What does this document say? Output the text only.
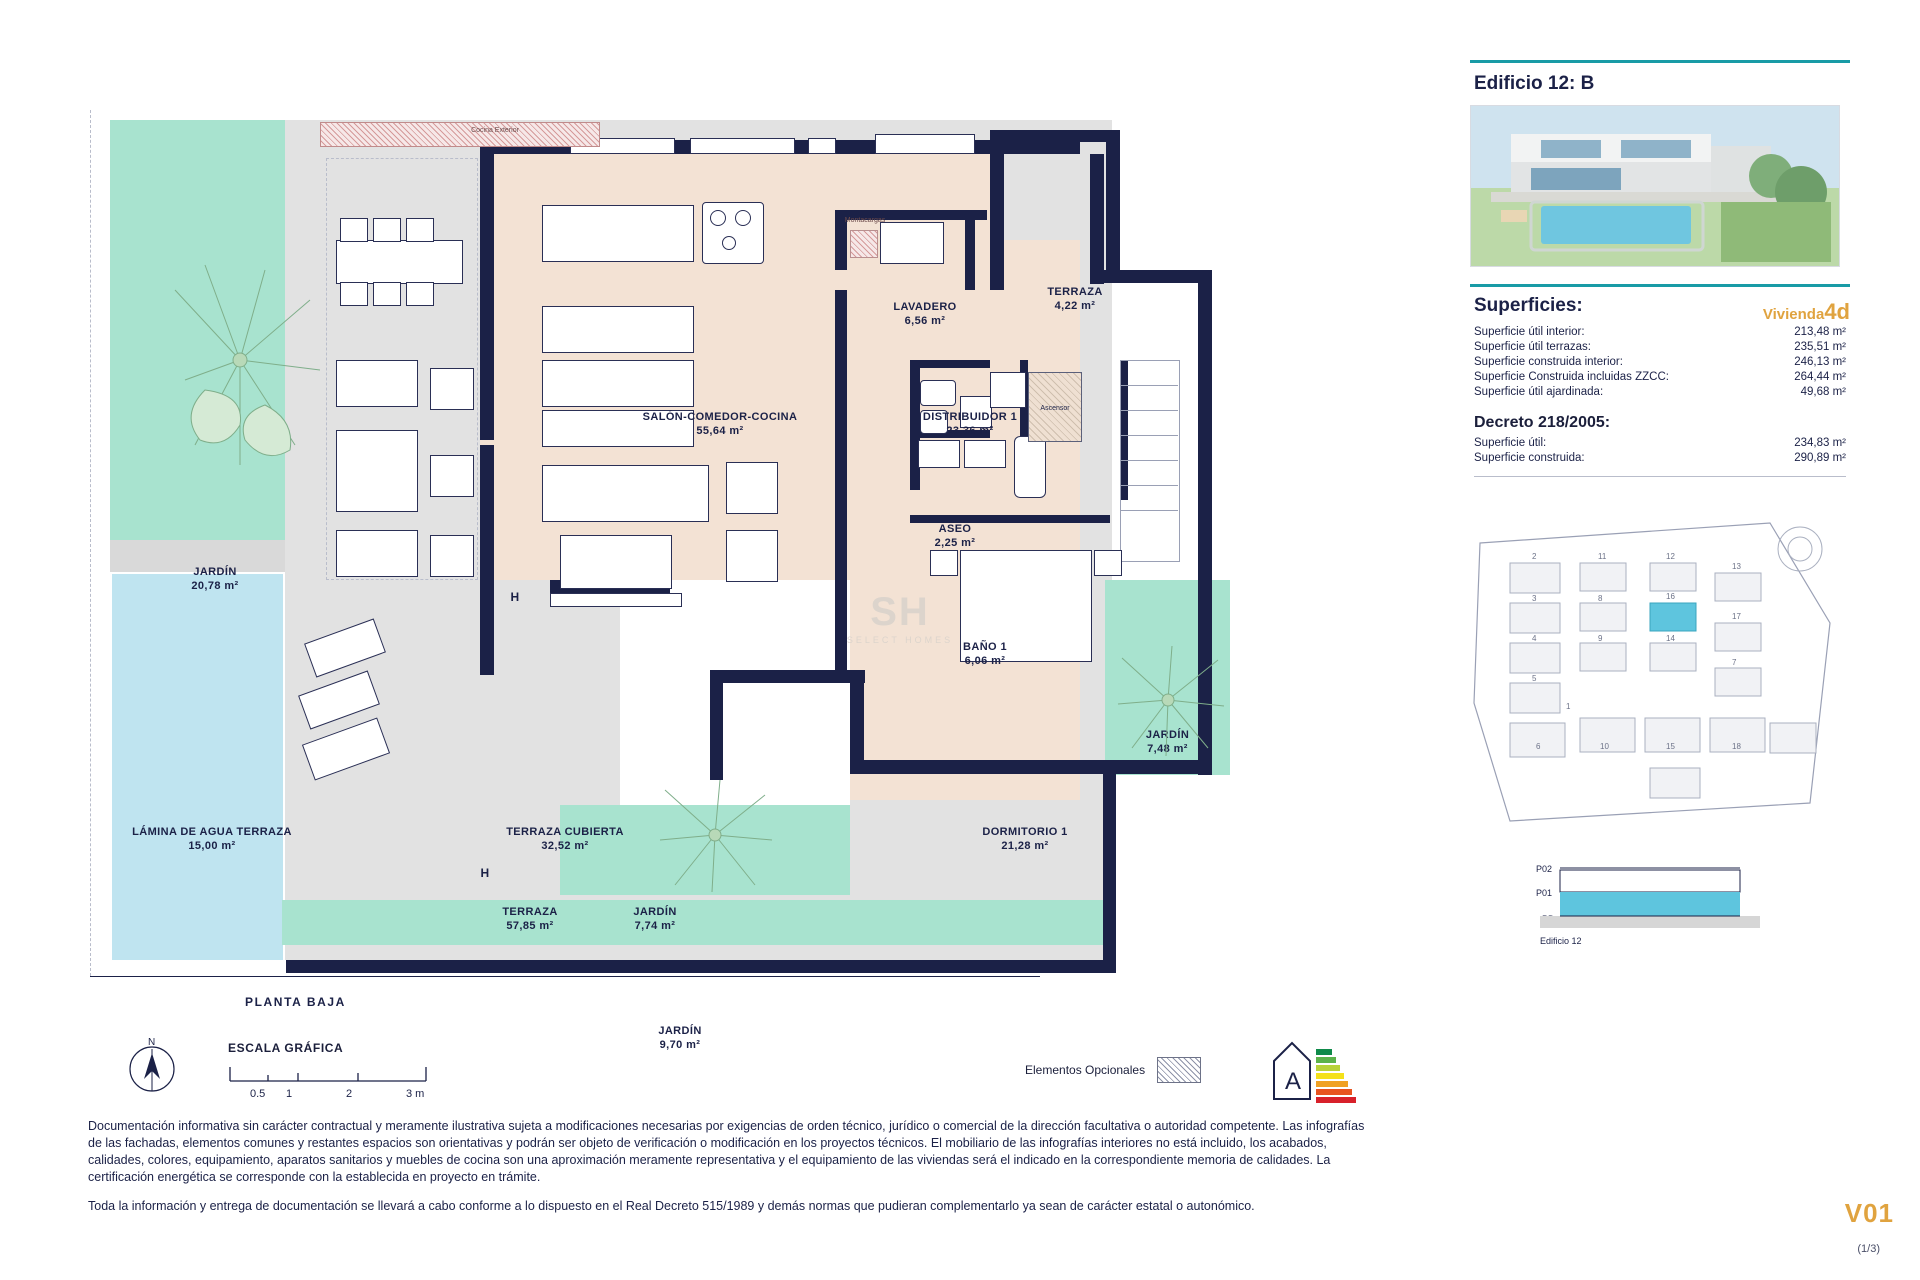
Cocina Exterior
Montacargas
Ascensor
JARDÍN
20,78 m²
LÁMINA DE AGUA TERRAZA
15,00 m²
TERRAZA CUBIERTA
32,52 m²
TERRAZA
57,85 m²
JARDÍN
7,74 m²
JARDÍN
9,70 m²
SALÓN-COMEDOR-COCINA
55,64 m²
LAVADERO
6,56 m²
TERRAZA
4,22 m²
DISTRIBUIDOR 1
23,36 m²
ASEO
2,25 m²
BAÑO 1
6,06 m²
DORMITORIO 1
21,28 m²
JARDÍN
7,48 m²
H
H
SH
SELECT HOMES
PLANTA BAJA
N	ESCALA GRÁFICA
0.5 1	2	3 m
Elementos Opcionales	A

Documentación informativa sin carácter contractual y meramente ilustrativa sujeta a modificaciones necesarias por exigencias de orden técnico, jurídico o comercial de la dirección facultativa o autoridad competente. Las infografías de las fachadas, elementos comunes y restantes espacios son orientativas y podrán ser objeto de verificación o modificación en los proyectos técnicos. El mobiliario de las infografías interiores no está incluido, los acabados, calidades, colores, equipamiento, aparatos sanitarios y muebles de cocina son una aproximación meramente representativa y el equipamiento de las viviendas será el indicado en la correspondiente memoria de calidades. La certificación energética se corresponde con la establecida en proyecto en trámite.

Toda la información y entrega de documentación se llevará a cabo conforme a lo dispuesto en el Real Decreto 515/1989 y demás normas que pudieran complementarlo ya sean de carácter estatal o autonómico.

Edificio 12: B
Superficies:	Vivienda4d
Superficie útil interior:	213,48 m²
Superficie útil terrazas:	235,51 m²
Superficie construida interior:	246,13 m²
Superficie Construida incluidas ZZCC:	264,44 m²
Superficie útil ajardinada:	49,68 m²
Decreto 218/2005:
Superficie útil:	234,83 m²
Superficie construida:	290,89 m²
2
3
4
5
6	10	15	18
11
8
9
12
16
14
13
17
7
1
P02
P01
Edificio 12
V01
(1/3)
